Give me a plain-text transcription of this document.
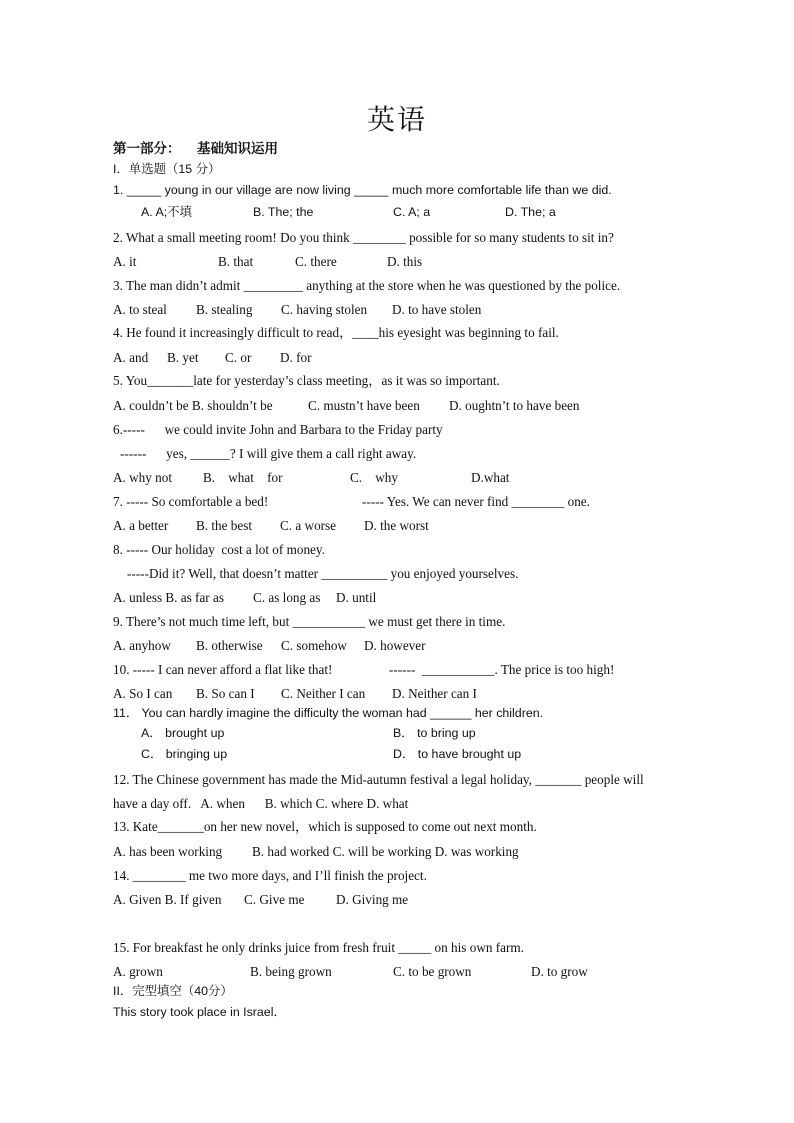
英语
第一部分： 基础知识运用
I．单选题（15 分）
1. _____ young in our village are now living _____ much more comfortable life than we did.
A. A;不填	B. The; the	C. A; a	D. The; a
2. What a small meeting room! Do you think ________ possible for so many students to sit in?
A. it	B. that	C. there	D. this
3. The man didn’t admit _________ anything at the store when he was questioned by the police.
A. to steal B. stealing C. having stolen D. to have stolen
4. He found it increasingly difficult to read，____his eyesight was beginning to fail.
A. and B. yet C. or D. for
5. You_______late for yesterday’s class meeting，as it was so important.
A. couldn’t be B. shouldn’t be	C. mustn’t have been D. oughtn’t to have been
6.-----      we could invite John and Barbara to the Friday party
------      yes, ______? I will give them a call right away.
A. why not B.    what    for	C.    why	D.what
7. ----- So comfortable a bed!	----- Yes. We can never find ________ one.
A. a better B. the best C. a worse D. the worst
8. ----- Our holiday  cost a lot of money.
-----Did it? Well, that doesn’t matter __________ you enjoyed yourselves.
A. unless B. as far as C. as long as D. until
9. There’s not much time left, but ___________ we must get there in time.
A. anyhow B. otherwise C. somehow D. however
10. ----- I can never afford a flat like that!	------  ___________. The price is too high!
A. So I can B. So can I C. Neither I can D. Neither can I
11． You can hardly imagine the difficulty the woman had ______ her children.
A． brought up	B． to bring up
C． bringing up	D． to have brought up
12. The Chinese government has made the Mid-autumn festival a legal holiday, _______ people will
have a day off.   A. when      B. which C. where D. what
13. Kate_______on her new novel，which is supposed to come out next month.
A. has been working B. had worked C. will be working D. was working
14. ________ me two more days, and I’ll finish the project.
A. Given B. If given C. Give me D. Giving me
15. For breakfast he only drinks juice from fresh fruit _____ on his own farm.
A. grown	B. being grown	C. to be grown	D. to grow
II．完型填空（40分）
This story took place in Israel．
